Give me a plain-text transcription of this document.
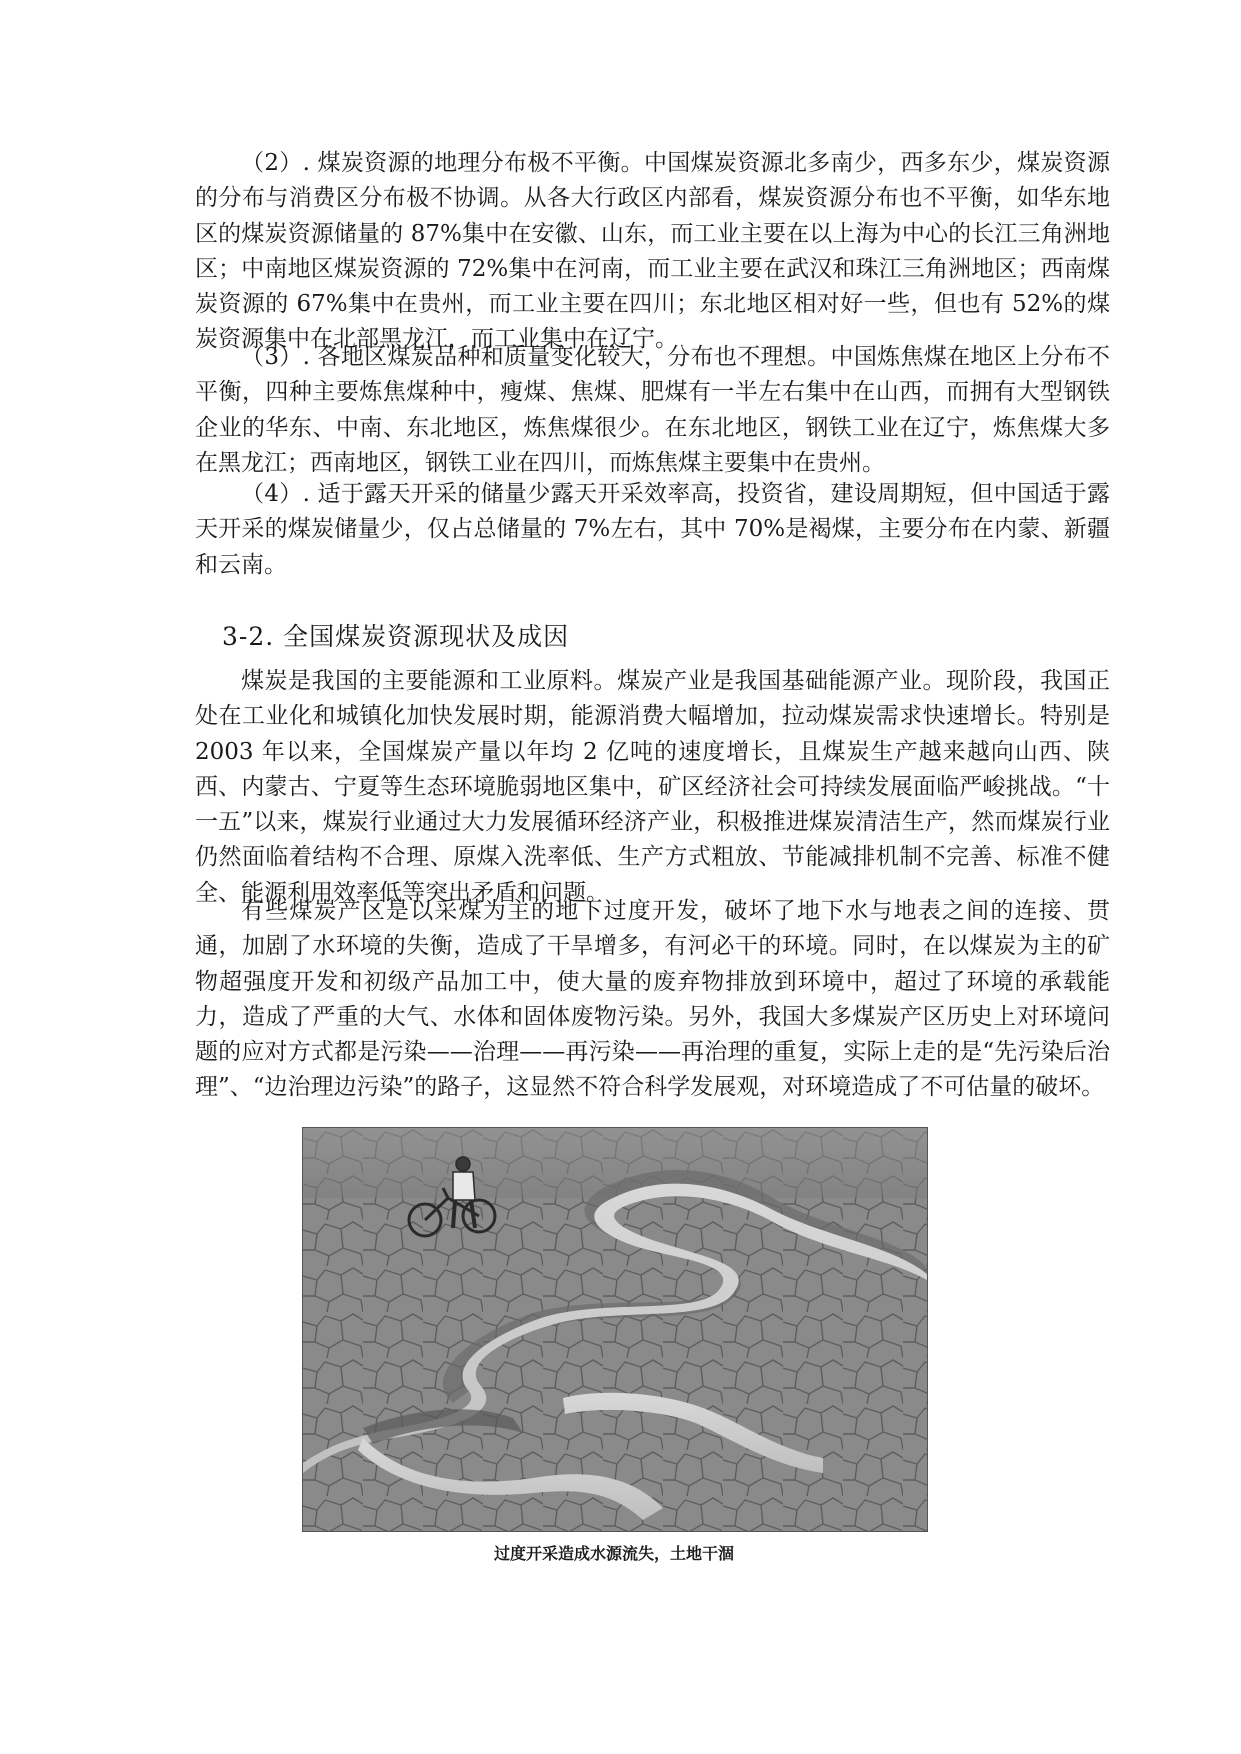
（2）. 煤炭资源的地理分布极不平衡。中国煤炭资源北多南少，西多东少，煤炭资源的分布与消费区分布极不协调。从各大行政区内部看，煤炭资源分布也不平衡，如华东地区的煤炭资源储量的 87%集中在安徽、山东，而工业主要在以上海为中心的长江三角洲地区；中南地区煤炭资源的 72%集中在河南，而工业主要在武汉和珠江三角洲地区；西南煤炭资源的 67%集中在贵州，而工业主要在四川；东北地区相对好一些，但也有 52%的煤炭资源集中在北部黑龙江，而工业集中在辽宁。

（3）. 各地区煤炭品种和质量变化较大，分布也不理想。中国炼焦煤在地区上分布不平衡，四种主要炼焦煤种中，瘦煤、焦煤、肥煤有一半左右集中在山西，而拥有大型钢铁企业的华东、中南、东北地区，炼焦煤很少。在东北地区，钢铁工业在辽宁，炼焦煤大多在黑龙江；西南地区，钢铁工业在四川，而炼焦煤主要集中在贵州。

（4）. 适于露天开采的储量少露天开采效率高，投资省，建设周期短，但中国适于露天开采的煤炭储量少，仅占总储量的 7%左右，其中 70%是褐煤，主要分布在内蒙、新疆和云南。

3-2. 全国煤炭资源现状及成因

煤炭是我国的主要能源和工业原料。煤炭产业是我国基础能源产业。现阶段，我国正处在工业化和城镇化加快发展时期，能源消费大幅增加，拉动煤炭需求快速增长。特别是 2003 年以来，全国煤炭产量以年均 2 亿吨的速度增长，且煤炭生产越来越向山西、陕西、内蒙古、宁夏等生态环境脆弱地区集中，矿区经济社会可持续发展面临严峻挑战。“十一五”以来，煤炭行业通过大力发展循环经济产业，积极推进煤炭清洁生产，然而煤炭行业仍然面临着结构不合理、原煤入洗率低、生产方式粗放、节能减排机制不完善、标准不健全、能源利用效率低等突出矛盾和问题。

有些煤炭产区是以采煤为主的地下过度开发，破坏了地下水与地表之间的连接、贯通，加剧了水环境的失衡，造成了干旱增多，有河必干的环境。同时，在以煤炭为主的矿物超强度开发和初级产品加工中，使大量的废弃物排放到环境中，超过了环境的承载能力，造成了严重的大气、水体和固体废物污染。另外，我国大多煤炭产区历史上对环境问题的应对方式都是污染——治理——再污染——再治理的重复，实际上走的是“先污染后治理”、“边治理边污染”的路子，这显然不符合科学发展观，对环境造成了不可估量的破坏。

过度开采造成水源流失，土地干涸
